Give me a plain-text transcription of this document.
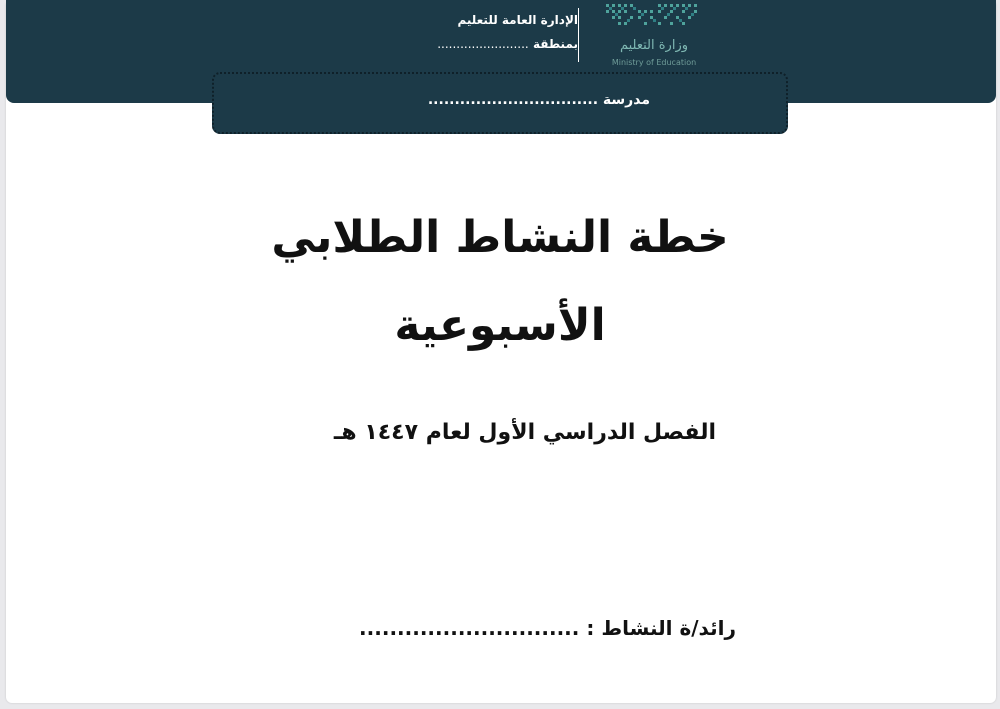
الإدارة العامة للتعليم
بمنطقة ........................	وزارة التعليم
Ministry of Education
مدرسة ................................
خطة النشاط الطلابي
الأسبوعية
الفصل الدراسي الأول لعام ١٤٤٧ هـ
رائد/ة النشاط : .............................
